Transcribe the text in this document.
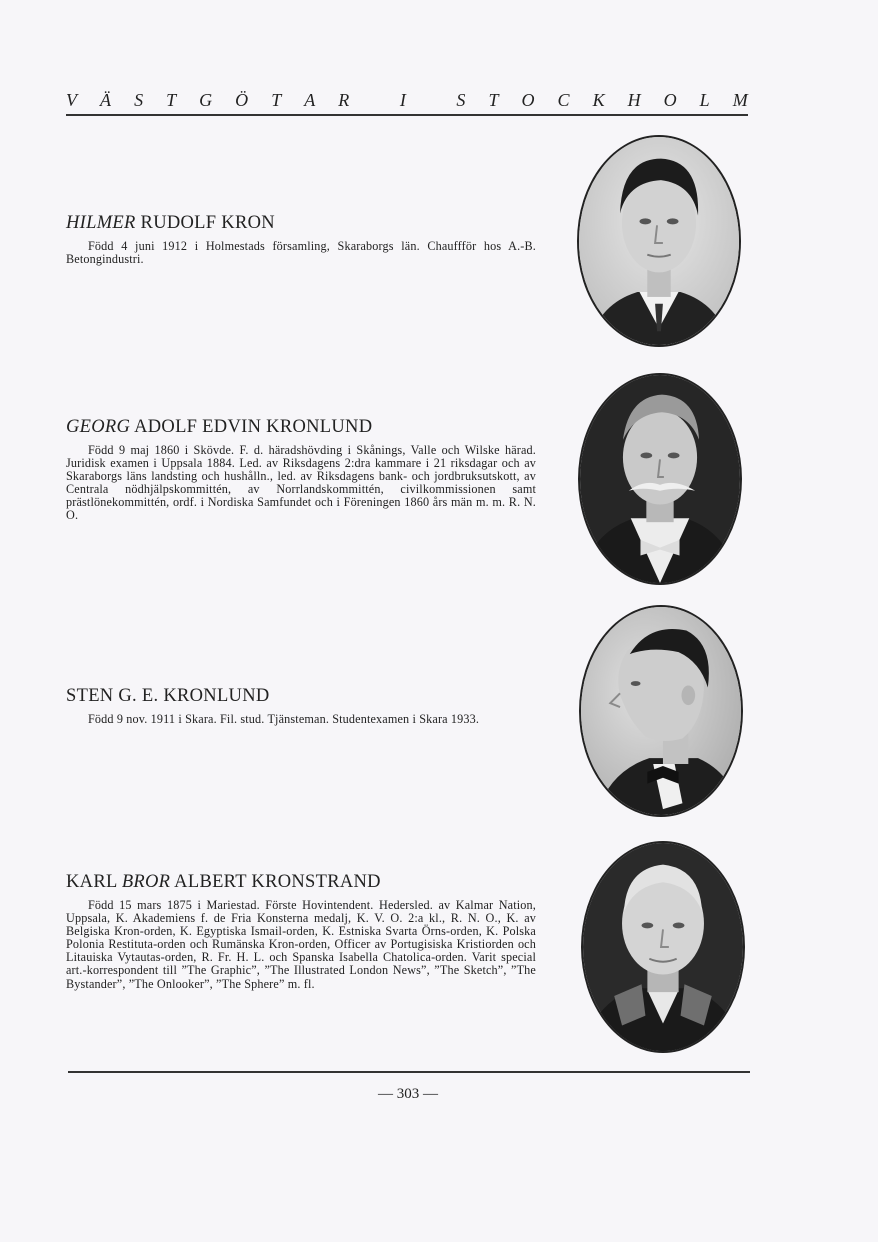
V Ä S T G Ö T A R
	I
	S T O C K H O L M
HILMER RUDOLF KRON

Född 4 juni 1912 i Holmestads församling, Skaraborgs län. Chauffför hos A.-B. Betongindustri.

GEORG ADOLF EDVIN KRONLUND

Född 9 maj 1860 i Skövde. F. d. häradshövding i Skånings, Valle och Wilske härad. Juridisk examen i Uppsala 1884. Led. av Riksdagens 2:dra kammare i 21 riksdagar och av Skaraborgs läns landsting och hushålln., led. av Riksdagens bank- och jordbruksutskott, av Centrala nödhjälpskommittén, av Norrlandskommittén, civilkommissionen samt prästlönekommittén, ordf. i Nordiska Samfundet och i Föreningen 1860 års män m. m. R. N. O.

STEN G. E. KRONLUND

Född 9 nov. 1911 i Skara. Fil. stud. Tjänsteman. Studentexamen i Skara 1933.

KARL BROR ALBERT KRONSTRAND

Född 15 mars 1875 i Mariestad. Förste Hovintendent. Hedersled. av Kalmar Nation, Uppsala, K. Akademiens f. de Fria Konsterna medalj, K. V. O. 2:a kl., R. N. O., K. av Belgiska Kron-orden, K. Egyptiska Ismail-orden, K. Estniska Svarta Örns-orden, K. Polska Polonia Restituta-orden och Rumänska Kron-orden, Officer av Portugisiska Kristiorden och Litauiska Vytautas-orden, R. Fr. H. L. och Spanska Isabella Chatolica-orden. Varit special art.-korrespondent till ”The Graphic”, ”The Illustrated London News”, ”The Sketch”, ”The Bystander”, ”The Onlooker”, ”The Sphere” m. fl.

— 303 —
